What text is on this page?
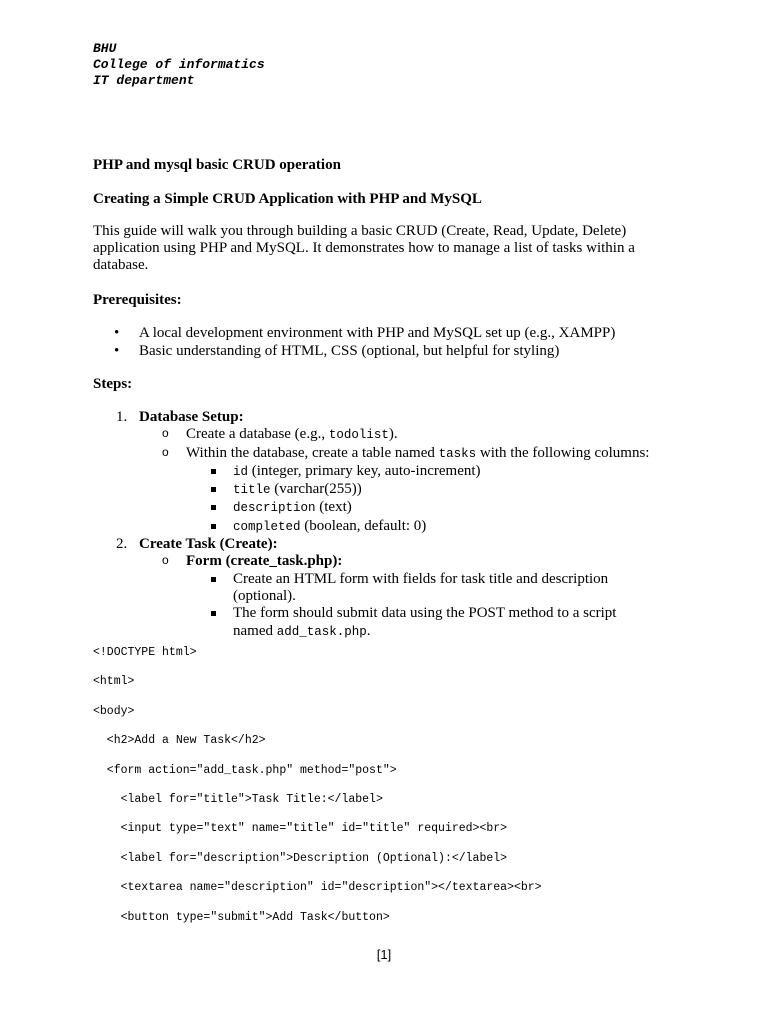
BHU
College of informatics
IT department
PHP and mysql basic CRUD operation
Creating a Simple CRUD Application with PHP and MySQL
This guide will walk you through building a basic CRUD (Create, Read, Update, Delete) application using PHP and MySQL. It demonstrates how to manage a list of tasks within a database.
Prerequisites:
• A local development environment with PHP and MySQL set up (e.g., XAMPP)
• Basic understanding of HTML, CSS (optional, but helpful for styling)
Steps:
1. Database Setup:
o Create a database (e.g., todolist).
o Within the database, create a table named tasks with the following columns:
id (integer, primary key, auto-increment)
title (varchar(255))
description (text)
completed (boolean, default: 0)
2. Create Task (Create):
o Form (create_task.php):
Create an HTML form with fields for task title and description (optional).
The form should submit data using the POST method to a script named add_task.php.
<!DOCTYPE html>
<html>
<body>
<h2>Add a New Task</h2>
<form action="add_task.php" method="post">
<label for="title">Task Title:</label>
<input type="text" name="title" id="title" required><br>
<label for="description">Description (Optional):</label>
<textarea name="description" id="description"></textarea><br>
<button type="submit">Add Task</button>
[1]
